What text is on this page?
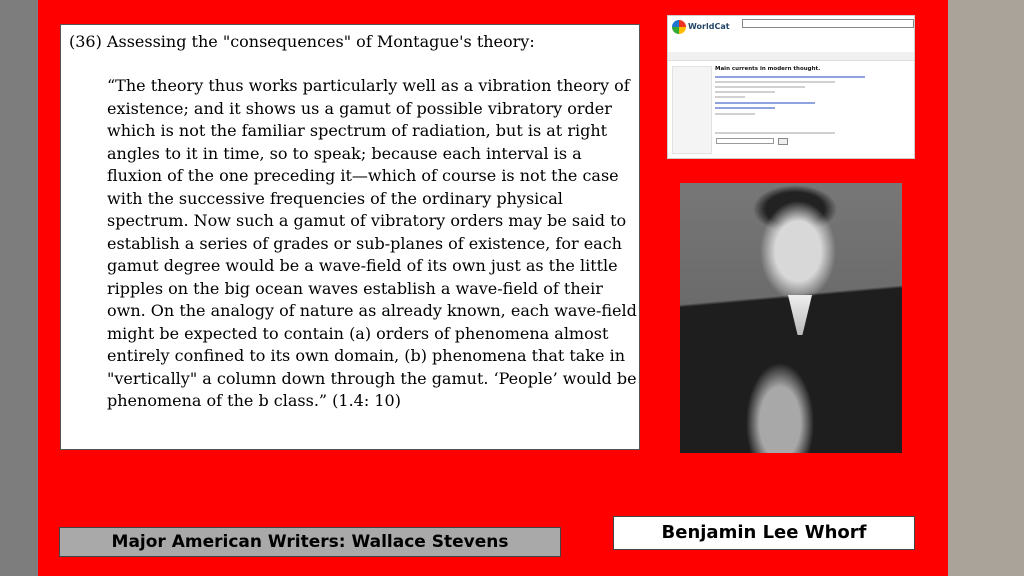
(36) Assessing the "consequences" of Montague's theory:

“The theory thus works particularly well as a vibration theory of existence; and it shows us a gamut of possible vibratory order which is not the familiar spectrum of radiation, but is at right angles to it in time, so to speak; because each interval is a fluxion of the one preceding it—which of course is not the case with the successive frequencies of the ordinary physical spectrum. Now such a gamut of vibratory orders may be said to establish a series of grades or sub-planes of existence, for each gamut degree would be a wave-field of its own just as the little ripples on the big ocean waves establish a wave-field of their own. On the analogy of nature as already known, each wave-field might be expected to contain (a) orders of phenomena almost entirely confined to its own domain, (b) phenomena that take in "vertically" a column down through the gamut. ‘People’ would be phenomena of the b class.” (1.4: 10)

WorldCat
Main currents in modern thought.
Major American Writers: Wallace Stevens	Benjamin Lee Whorf
